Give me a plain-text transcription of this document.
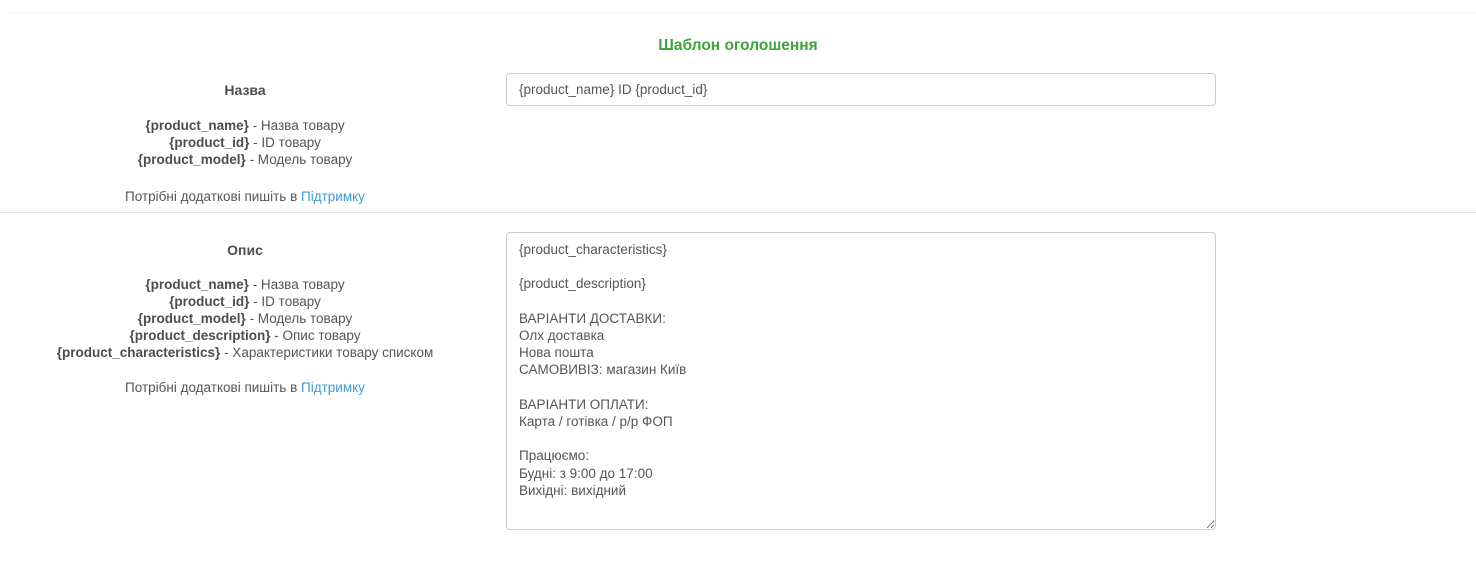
Шаблон оголошення
Назва
{product_name} - Назва товару
{product_id} - ID товару
{product_model} - Модель товару
Потрібні додаткові пишіть в Підтримку
{product_name} ID {product_id}
Опис
{product_name} - Назва товару
{product_id} - ID товару
{product_model} - Модель товару
{product_description} - Опис товару
{product_characteristics} - Характеристики товару списком
Потрібні додаткові пишіть в Підтримку
{product_characteristics} {product_description} ВАРІАНТИ ДОСТАВКИ: Олх доставка Нова пошта САМОВИВІЗ: магазин Київ ВАРІАНТИ ОПЛАТИ: Карта / готівка / р/р ФОП Працюємо: Будні: з 9:00 до 17:00 Вихідні: вихідний
